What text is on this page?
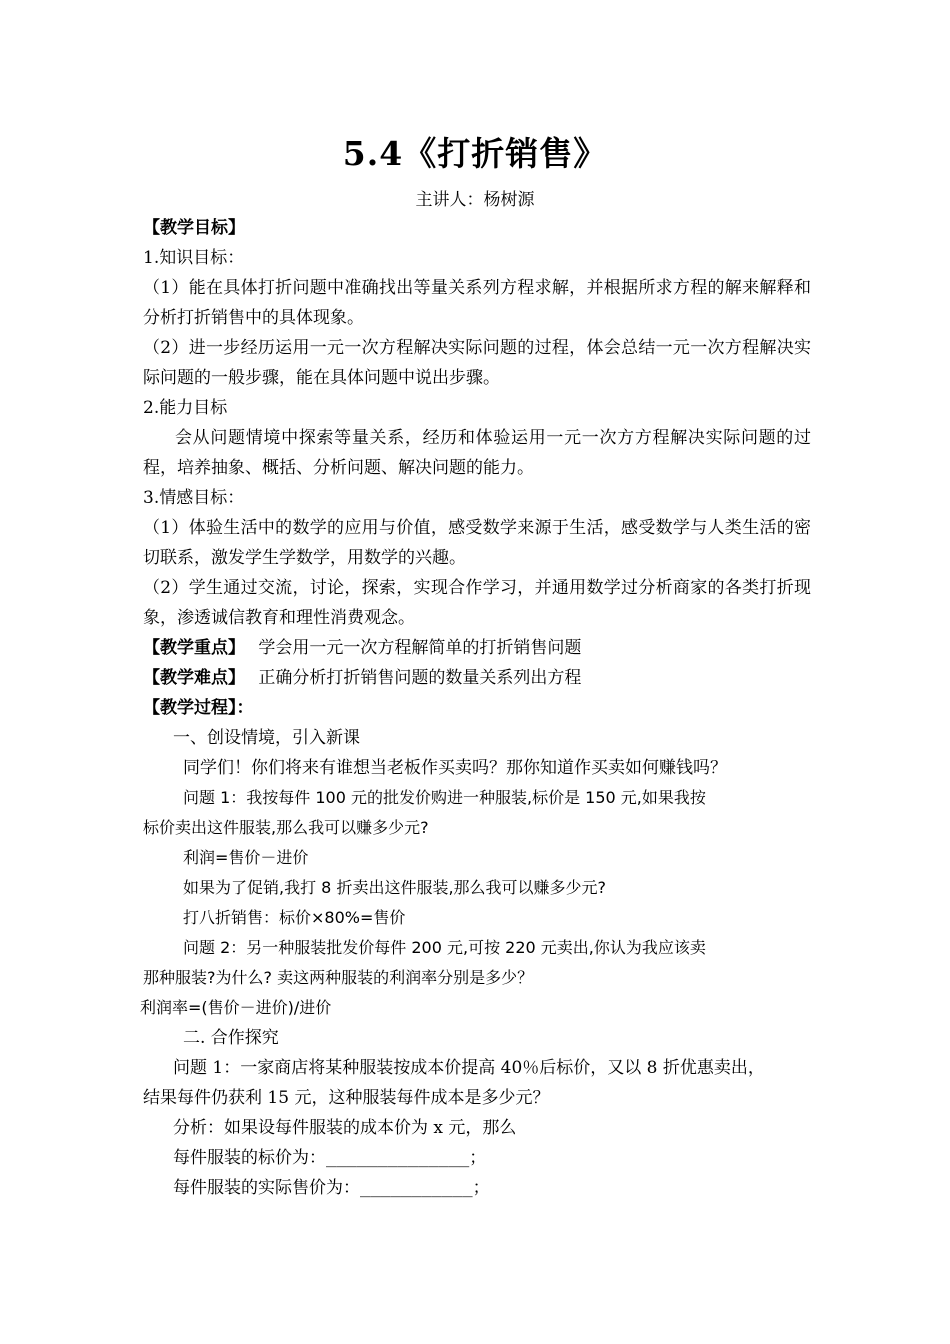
5.4《打折销售》
主讲人：杨树源
【教学目标】
1.知识目标：
（1）能在具体打折问题中准确找出等量关系列方程求解，并根据所求方程的解来解释和分析打折销售中的具体现象。
（2）进一步经历运用一元一次方程解决实际问题的过程，体会总结一元一次方程解决实际问题的一般步骤，能在具体问题中说出步骤。
2.能力目标
会从问题情境中探索等量关系，经历和体验运用一元一次方方程解决实际问题的过程，培养抽象、概括、分析问题、解决问题的能力。
3.情感目标：
（1）体验生活中的数学的应用与价值，感受数学来源于生活，感受数学与人类生活的密切联系，激发学生学数学，用数学的兴趣。
（2）学生通过交流，讨论，探索，实现合作学习，并通用数学过分析商家的各类打折现象，渗透诚信教育和理性消费观念。
【教学重点】 学会用一元一次方程解简单的打折销售问题
【教学难点】 正确分析打折销售问题的数量关系列出方程
【教学过程】：
一、创设情境，引入新课
同学们！你们将来有谁想当老板作买卖吗？那你知道作买卖如何赚钱吗？
问题 1：我按每件 100 元的批发价购进一种服装,标价是 150 元,如果我按
标价卖出这件服装,那么我可以赚多少元?
利润=售价－进价
如果为了促销,我打 8 折卖出这件服装,那么我可以赚多少元?
打八折销售：标价×80%=售价
问题 2：另一种服装批发价每件 200 元,可按 220 元卖出,你认为我应该卖
那种服装?为什么? 卖这两种服装的利润率分别是多少？
利润率=(售价－进价)/进价
二. 合作探究
问题 1：一家商店将某种服装按成本价提高 40％后标价，又以 8 折优惠卖出，
结果每件仍获利 15 元，这种服装每件成本是多少元？
分析：如果设每件服装的成本价为 x 元，那么
每件服装的标价为：______________；
每件服装的实际售价为：___________；
